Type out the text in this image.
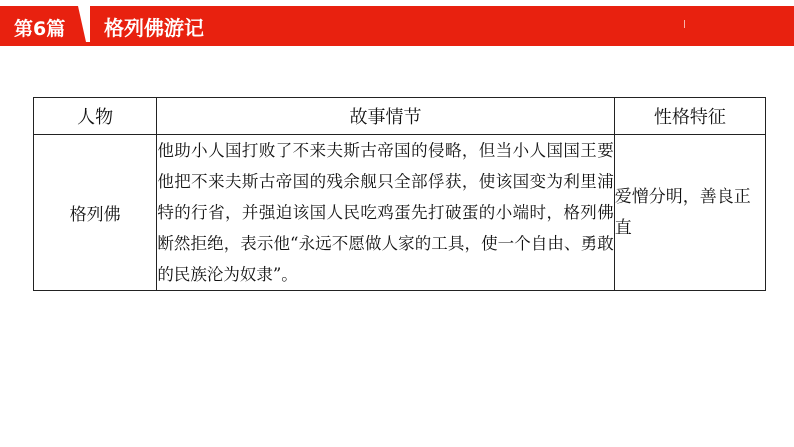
第6篇 格列佛游记
人物	故事情节	性格特征
格列佛	他助小人国打败了不来夫斯古帝国的侵略，但当小人国国王要他把不来夫斯古帝国的残余舰只全部俘获，使该国变为利里浦特的行省，并强迫该国人民吃鸡蛋先打破蛋的小端时，格列佛断然拒绝，表示他“永远不愿做人家的工具，使一个自由、勇敢的民族沦为奴隶”。	爱憎分明，善良正直
